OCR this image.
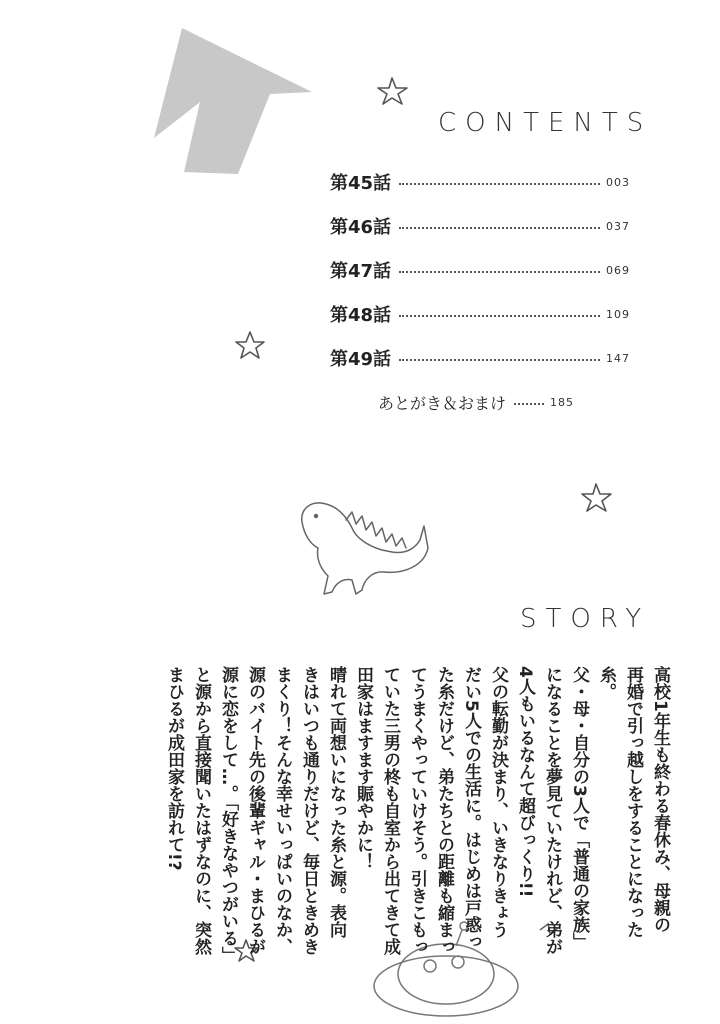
CONTENTS
第45話	003
第46話	037
第47話	069
第48話	109
第49話	147
あとがき＆おまけ	185
STORY

高校1年生も終わる春休み、母親の

再婚で引っ越しをすることになった糸。

父・母・自分の3人で「普通の家族」

になることを夢見ていたけれど、弟が

4人もいるなんて超びっくり!!

父の転勤が決まり、いきなりきょう

だい5人での生活に。はじめは戸惑っ

た糸だけど、弟たちとの距離も縮まっ

てうまくやっていけそう。引きこもっ

ていた三男の柊も自室から出てきて成

田家はますます賑やかに！

晴れて両想いになった糸と源。表向

きはいつも通りだけど、毎日ときめき

まくり！そんな幸せいっぱいのなか、

源のバイト先の後輩ギャル・まひるが

源に恋をして…。「好きなやつがいる」

と源から直接聞いたはずなのに、突然

まひるが成田家を訪れて!?
